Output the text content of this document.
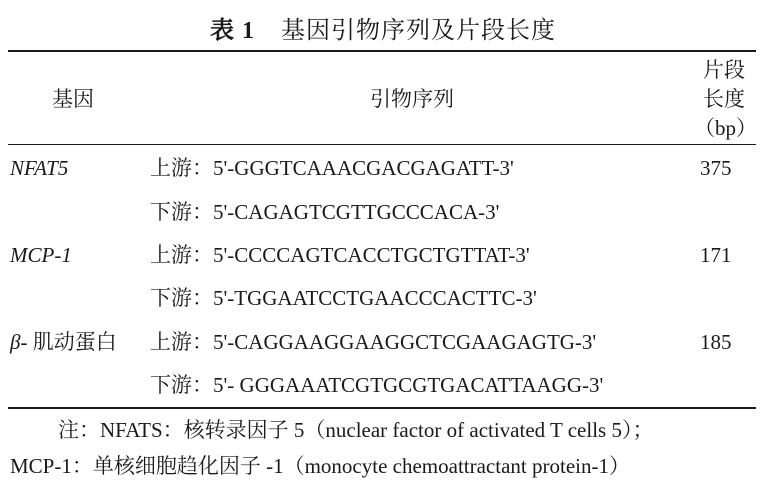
表 1 基因引物序列及片段长度
基因	引物序列
片段
长度
（bp）
NFAT5	上游：5'-GGGTCAAACGACGAGATT-3'	375
下游：5'-CAGAGTCGTTGCCCACA-3'
MCP-1	上游：5'-CCCCAGTCACCTGCTGTTAT-3'	171
下游：5'-TGGAATCCTGAACCCACTTC-3'
β- 肌动蛋白 上游：5'-CAGGAAGGAAGGCTCGAAGAGTG-3'	185
下游：5'- GGGAAATCGTGCGTGACATTAAGG-3'
注：NFATS：核转录因子 5（nuclear factor of activated T cells 5）；
MCP-1：单核细胞趋化因子 -1（monocyte chemoattractant protein-1）
